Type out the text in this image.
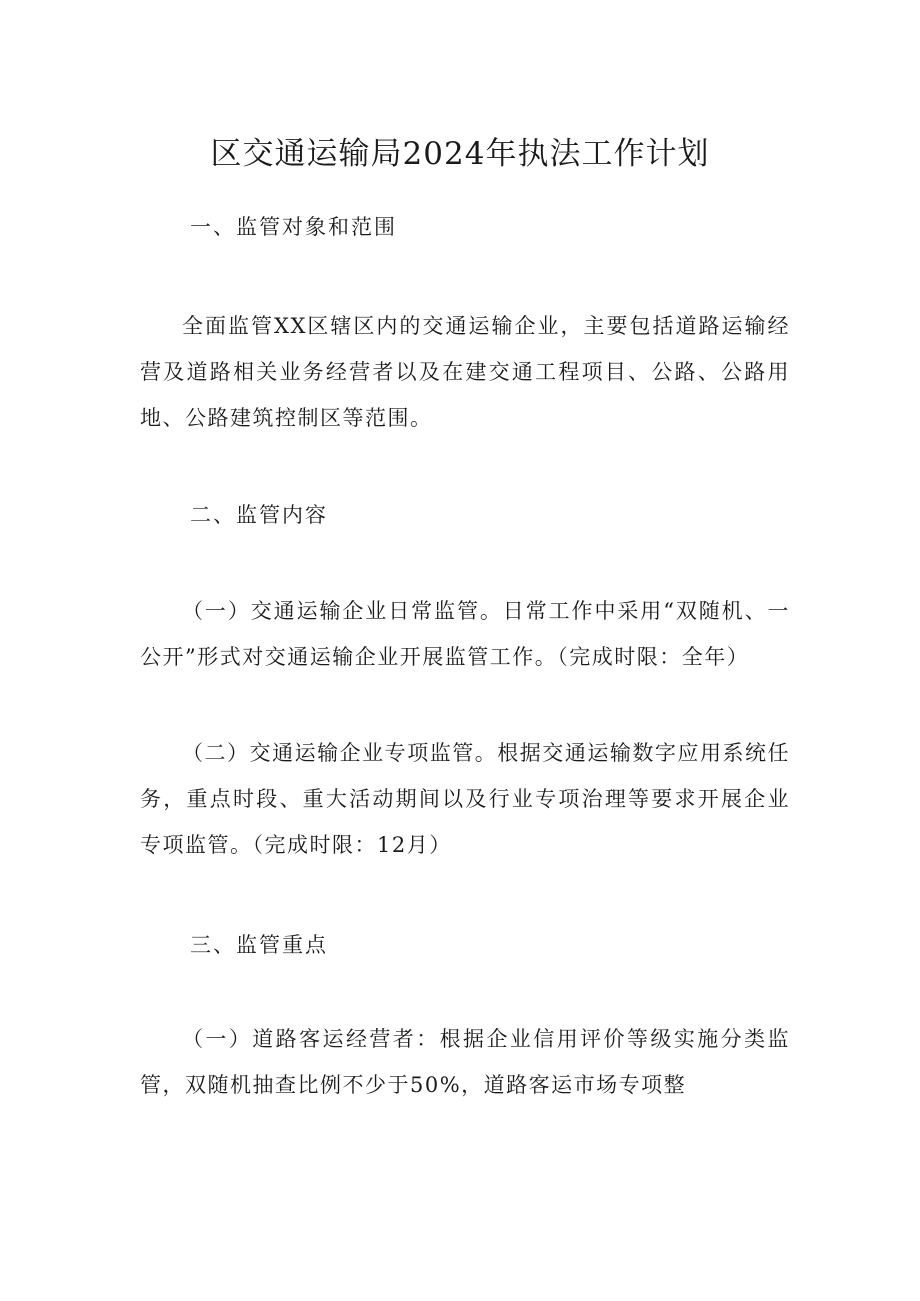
区交通运输局2024年执法工作计划
一、监管对象和范围

全面监管XX区辖区内的交通运输企业，主要包括道路运输经营及道路相关业务经营者以及在建交通工程项目、公路、公路用地、公路建筑控制区等范围。

二、监管内容

（一）交通运输企业日常监管。日常工作中采用“双随机、一公开”形式对交通运输企业开展监管工作。（完成时限：全年）

（二）交通运输企业专项监管。根据交通运输数字应用系统任务，重点时段、重大活动期间以及行业专项治理等要求开展企业专项监管。（完成时限：12月）

三、监管重点

（一）道路客运经营者：根据企业信用评价等级实施分类监管，双随机抽查比例不少于50%，道路客运市场专项整
